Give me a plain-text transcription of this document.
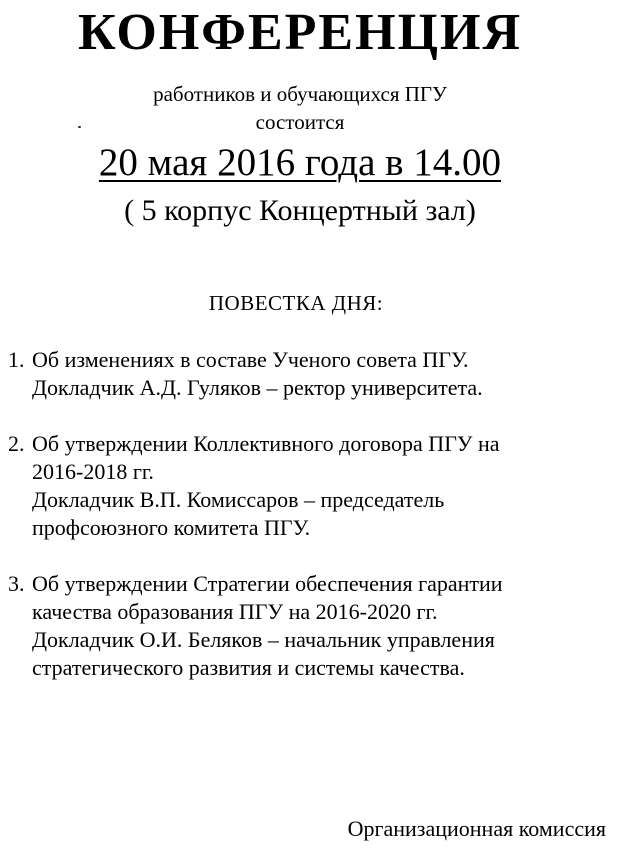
КОНФЕРЕНЦИЯ
работников и обучающихся ПГУ
состоится
20 мая 2016 года в 14.00
( 5 корпус Концертный зал)
ПОВЕСТКА ДНЯ:
1. Об изменениях в составе Ученого совета ПГУ.
Докладчик А.Д. Гуляков – ректор университета.
2. Об утверждении Коллективного договора ПГУ на
2016-2018 гг.
Докладчик В.П. Комиссаров – председатель
профсоюзного комитета ПГУ.
3. Об утверждении Стратегии обеспечения гарантии
качества образования ПГУ на 2016-2020 гг.
Докладчик О.И. Беляков – начальник управления
стратегического развития и системы качества.
Организационная комиссия
